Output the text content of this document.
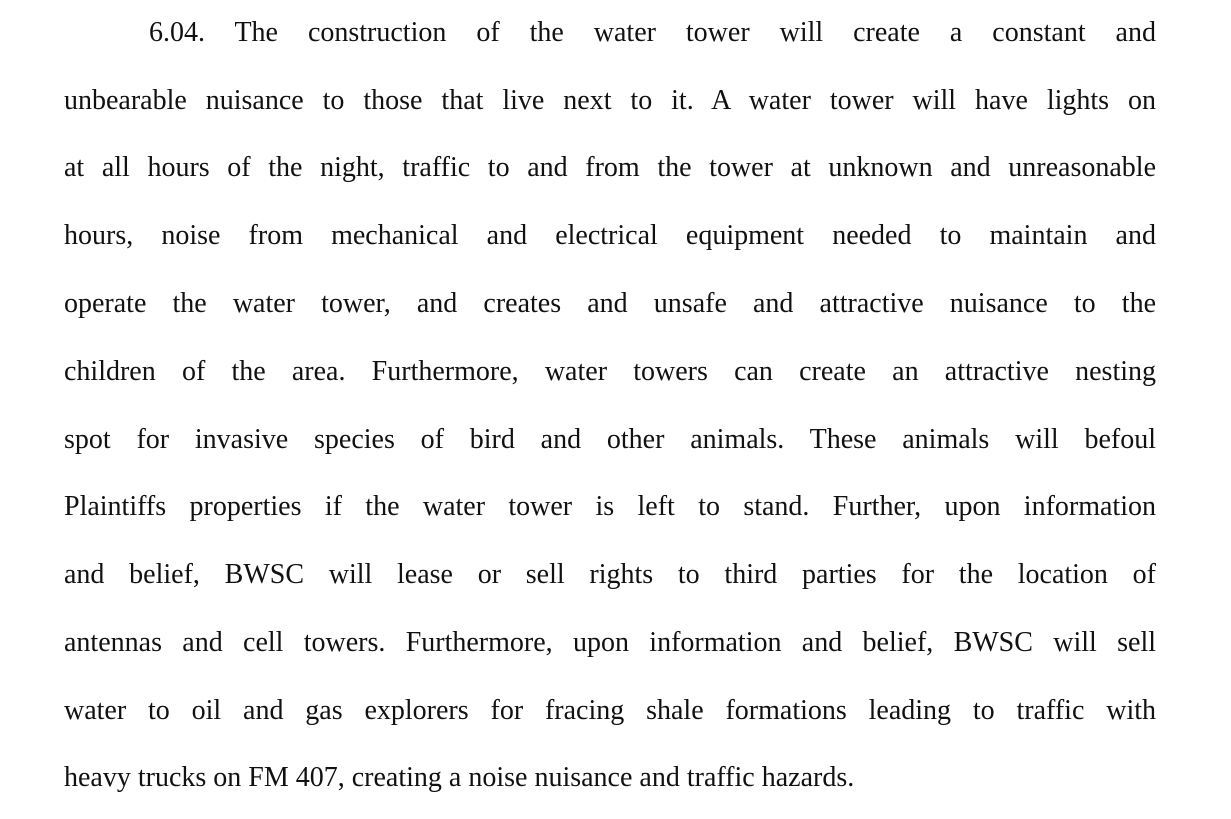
6.04. The construction of the water tower will create a constant and
unbearable nuisance to those that live next to it. A water tower will have lights on
at all hours of the night, traffic to and from the tower at unknown and unreasonable
hours, noise from mechanical and electrical equipment needed to maintain and
operate the water tower, and creates and unsafe and attractive nuisance to the
children of the area. Furthermore, water towers can create an attractive nesting
spot for invasive species of bird and other animals. These animals will befoul
Plaintiffs properties if the water tower is left to stand. Further, upon information
and belief, BWSC will lease or sell rights to third parties for the location of
antennas and cell towers. Furthermore, upon information and belief, BWSC will sell
water to oil and gas explorers for fracing shale formations leading to traffic with
heavy trucks on FM 407, creating a noise nuisance and traffic hazards.
